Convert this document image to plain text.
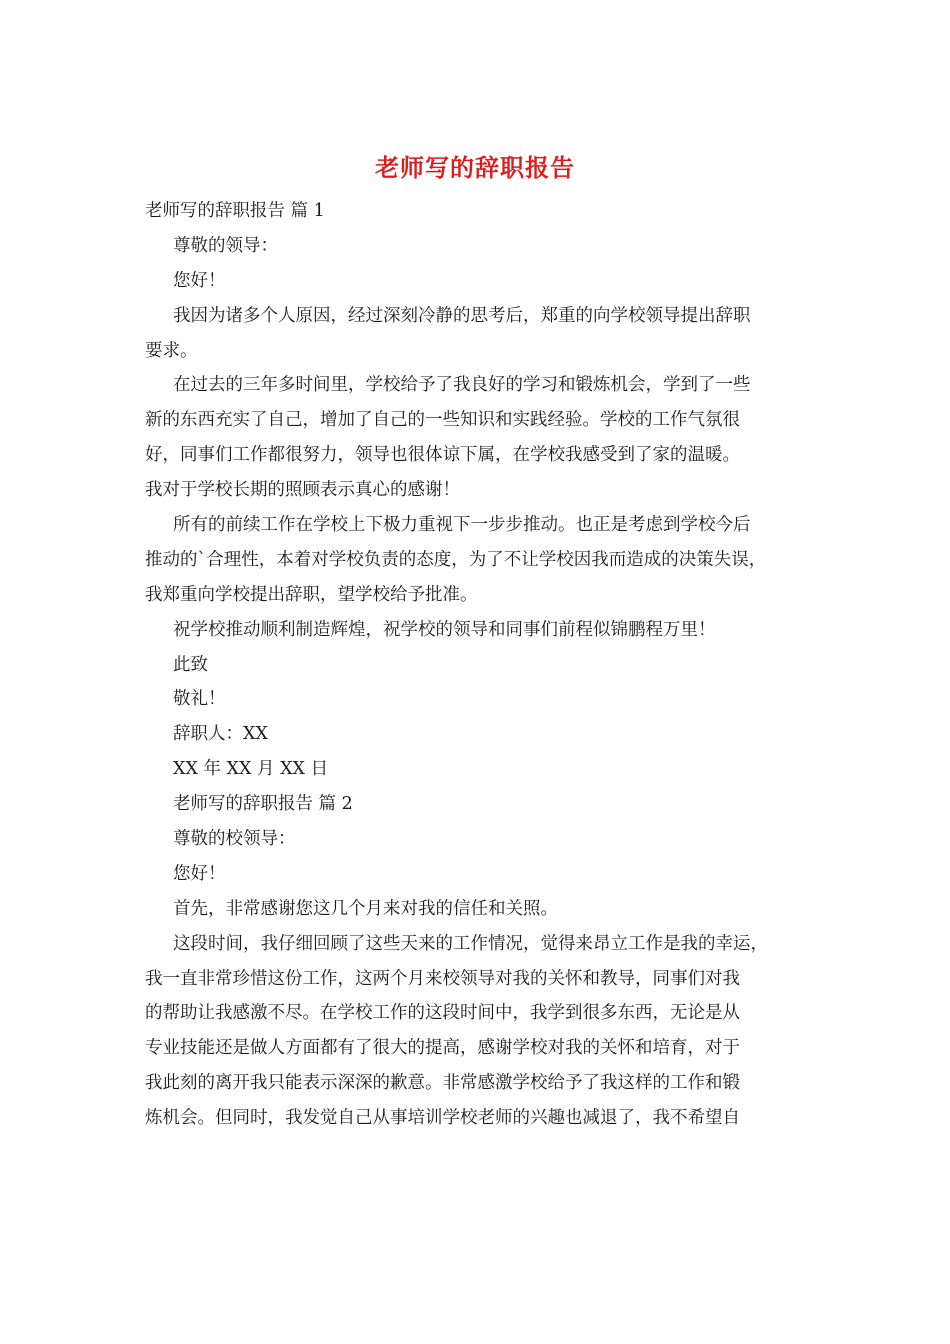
老师写的辞职报告
老师写的辞职报告 篇 1
尊敬的领导：
您好！
我因为诸多个人原因，经过深刻冷静的思考后，郑重的向学校领导提出辞职
要求。
在过去的三年多时间里，学校给予了我良好的学习和锻炼机会，学到了一些
新的东西充实了自己，增加了自己的一些知识和实践经验。学校的工作气氛很
好，同事们工作都很努力，领导也很体谅下属，在学校我感受到了家的温暖。
我对于学校长期的照顾表示真心的感谢！
所有的前续工作在学校上下极力重视下一步步推动。也正是考虑到学校今后
推动的`合理性，本着对学校负责的态度，为了不让学校因我而造成的决策失误，
我郑重向学校提出辞职，望学校给予批准。
祝学校推动顺利制造辉煌，祝学校的领导和同事们前程似锦鹏程万里！
此致
敬礼！
辞职人：XX
XX 年 XX 月 XX 日
老师写的辞职报告 篇 2
尊敬的校领导：
您好！
首先，非常感谢您这几个月来对我的信任和关照。
这段时间，我仔细回顾了这些天来的工作情况，觉得来昂立工作是我的幸运，
我一直非常珍惜这份工作，这两个月来校领导对我的关怀和教导，同事们对我
的帮助让我感激不尽。在学校工作的这段时间中，我学到很多东西，无论是从
专业技能还是做人方面都有了很大的提高，感谢学校对我的关怀和培育，对于
我此刻的离开我只能表示深深的歉意。非常感激学校给予了我这样的工作和锻
炼机会。但同时，我发觉自己从事培训学校老师的兴趣也减退了，我不希望自
